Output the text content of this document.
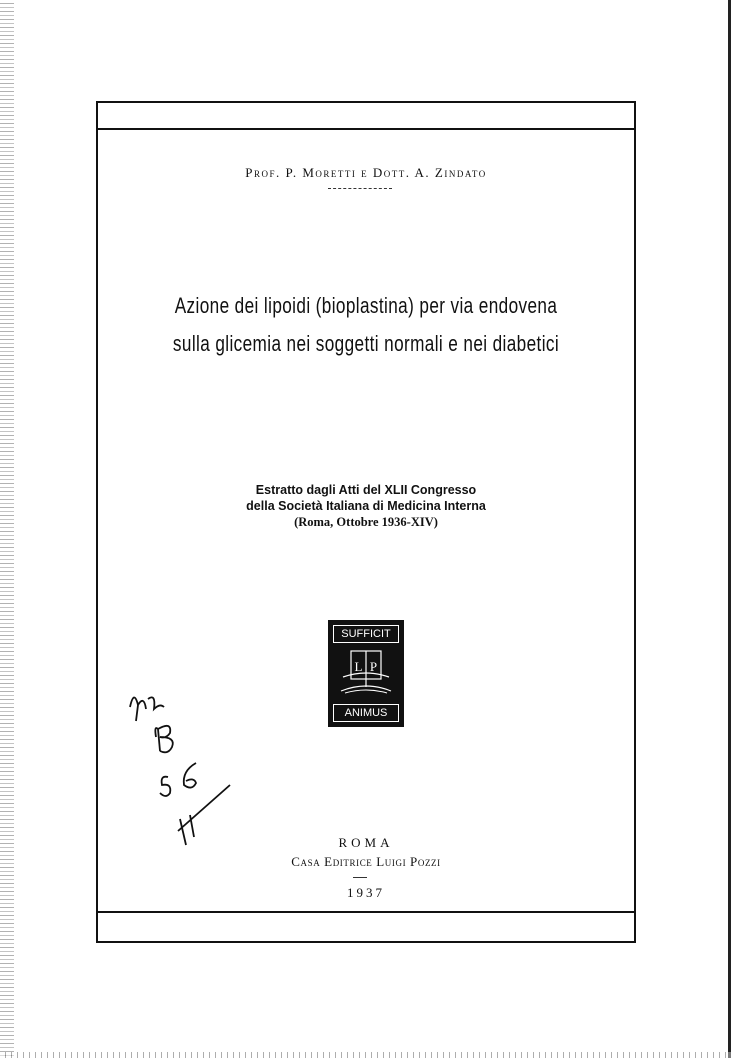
Prof. P. Moretti e Dott. A. Zindato
Azione dei lipoidi (bioplastina) per via endovena
sulla glicemia nei soggetti normali e nei diabetici
Estratto dagli Atti del XLII Congresso
della Società Italiana di Medicina Interna
(Roma, Ottobre 1936-XIV)
SUFFICIT
L P
ANIMUS
ROMA
Casa Editrice Luigi Pozzi
1937
